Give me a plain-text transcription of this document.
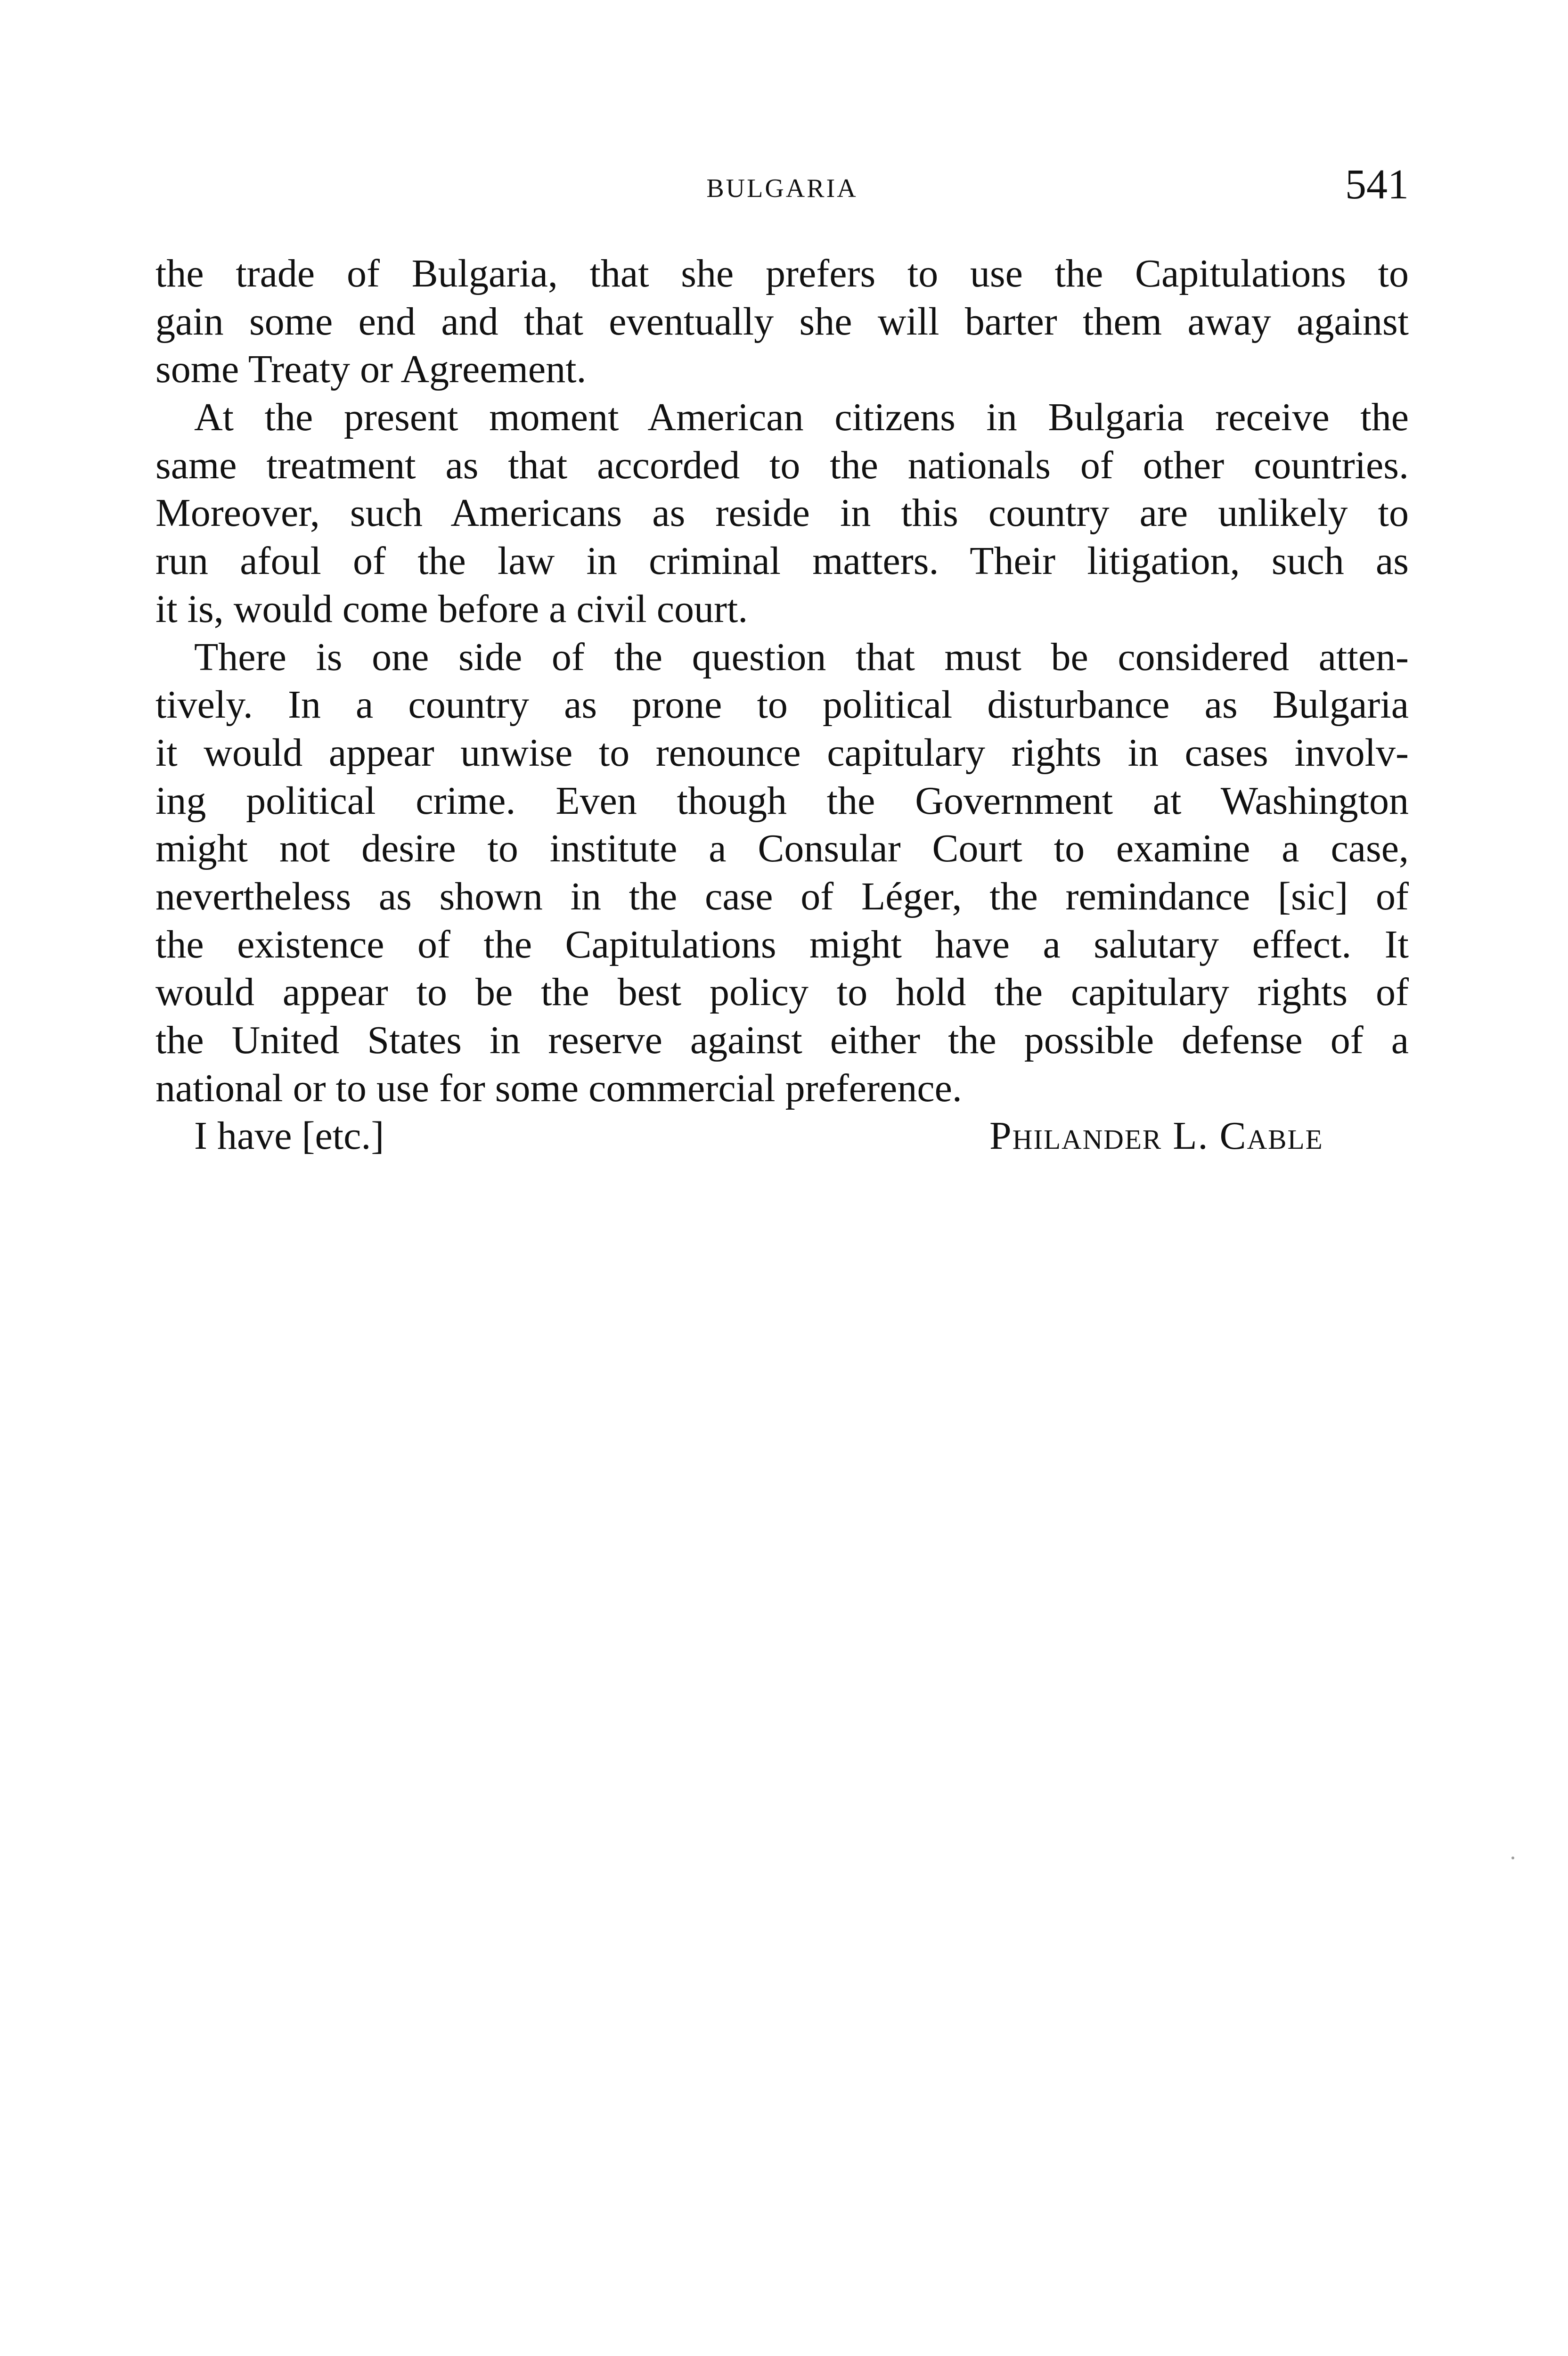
BULGARIA	541
the trade of Bulgaria, that she prefers to use the Capitulations to
gain some end and that eventually she will barter them away against
some Treaty or Agreement.
At the present moment American citizens in Bulgaria receive the
same treatment as that accorded to the nationals of other countries.
Moreover, such Americans as reside in this country are unlikely to
run afoul of the law in criminal matters. Their litigation, such as
it is, would come before a civil court.
There is one side of the question that must be considered atten-
tively. In a country as prone to political disturbance as Bulgaria
it would appear unwise to renounce capitulary rights in cases involv-
ing political crime. Even though the Government at Washington
might not desire to institute a Consular Court to examine a case,
nevertheless as shown in the case of Léger, the remindance [sic] of
the existence of the Capitulations might have a salutary effect. It
would appear to be the best policy to hold the capitulary rights of
the United States in reserve against either the possible defense of a
national or to use for some commercial preference.
I have [etc.]	Philander L. Cable
